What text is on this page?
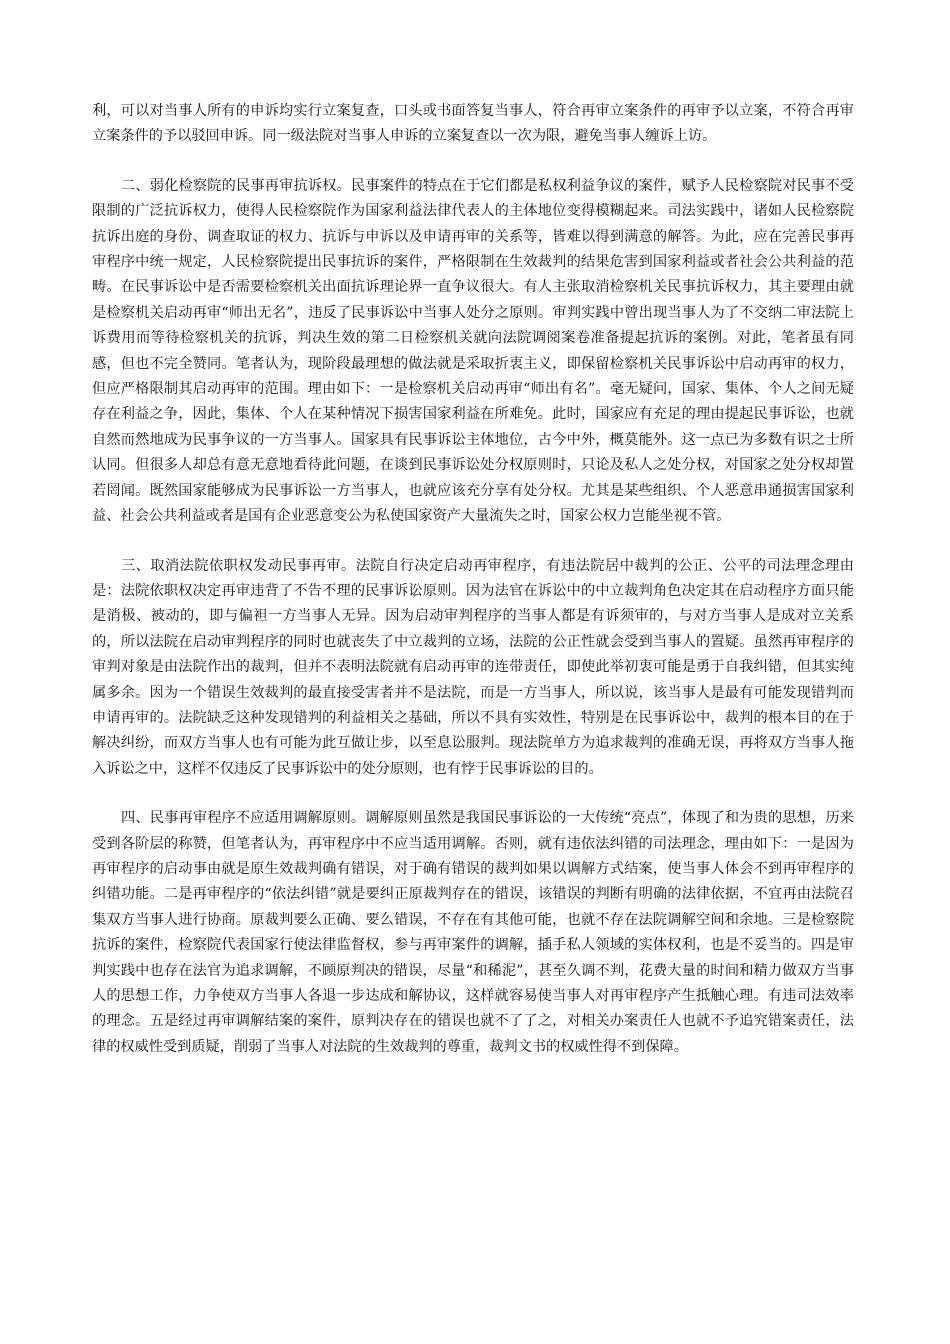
利，可以对当事人所有的申诉均实行立案复查，口头或书面答复当事人，符合再审立案条件的再审予以立案，不符合再审立案条件的予以驳回申诉。同一级法院对当事人申诉的立案复查以一次为限，避免当事人缠诉上访。

二、弱化检察院的民事再审抗诉权。民事案件的特点在于它们都是私权利益争议的案件，赋予人民检察院对民事不受限制的广泛抗诉权力，使得人民检察院作为国家利益法律代表人的主体地位变得模糊起来。司法实践中，诸如人民检察院抗诉出庭的身份、调查取证的权力、抗诉与申诉以及申请再审的关系等，皆难以得到满意的解答。为此，应在完善民事再审程序中统一规定，人民检察院提出民事抗诉的案件，严格限制在生效裁判的结果危害到国家利益或者社会公共利益的范畴。在民事诉讼中是否需要检察机关出面抗诉理论界一直争议很大。有人主张取消检察机关民事抗诉权力，其主要理由就是检察机关启动再审“师出无名”，违反了民事诉讼中当事人处分之原则。审判实践中曾出现当事人为了不交纳二审法院上诉费用而等待检察机关的抗诉，判决生效的第二日检察机关就向法院调阅案卷准备提起抗诉的案例。对此，笔者虽有同感，但也不完全赞同。笔者认为，现阶段最理想的做法就是采取折衷主义，即保留检察机关民事诉讼中启动再审的权力，但应严格限制其启动再审的范围。理由如下：一是检察机关启动再审“师出有名”。毫无疑问，国家、集体、个人之间无疑存在利益之争，因此，集体、个人在某种情况下损害国家利益在所难免。此时，国家应有充足的理由提起民事诉讼，也就自然而然地成为民事争议的一方当事人。国家具有民事诉讼主体地位，古今中外，概莫能外。这一点已为多数有识之士所认同。但很多人却总有意无意地看待此问题，在谈到民事诉讼处分权原则时，只论及私人之处分权，对国家之处分权却置若罔闻。既然国家能够成为民事诉讼一方当事人，也就应该充分享有处分权。尤其是某些组织、个人恶意串通损害国家利益、社会公共利益或者是国有企业恶意变公为私使国家资产大量流失之时，国家公权力岂能坐视不管。

三、取消法院依职权发动民事再审。法院自行决定启动再审程序，有违法院居中裁判的公正、公平的司法理念理由是：法院依职权决定再审违背了不告不理的民事诉讼原则。因为法官在诉讼中的中立裁判角色决定其在启动程序方面只能是消极、被动的，即与偏袒一方当事人无异。因为启动审判程序的当事人都是有诉须审的，与对方当事人是成对立关系的，所以法院在启动审判程序的同时也就丧失了中立裁判的立场，法院的公正性就会受到当事人的置疑。虽然再审程序的审判对象是由法院作出的裁判，但并不表明法院就有启动再审的连带责任，即使此举初衷可能是勇于自我纠错，但其实纯属多余。因为一个错误生效裁判的最直接受害者并不是法院，而是一方当事人，所以说，该当事人是最有可能发现错判而申请再审的。法院缺乏这种发现错判的利益相关之基础，所以不具有实效性，特别是在民事诉讼中，裁判的根本目的在于解决纠纷，而双方当事人也有可能为此互做让步，以至息讼服判。现法院单方为追求裁判的准确无误，再将双方当事人拖入诉讼之中，这样不仅违反了民事诉讼中的处分原则，也有悖于民事诉讼的目的。

四、民事再审程序不应适用调解原则。调解原则虽然是我国民事诉讼的一大传统“亮点”，体现了和为贵的思想，历来受到各阶层的称赞，但笔者认为，再审程序中不应当适用调解。否则，就有违依法纠错的司法理念，理由如下：一是因为再审程序的启动事由就是原生效裁判确有错误，对于确有错误的裁判如果以调解方式结案，使当事人体会不到再审程序的纠错功能。二是再审程序的“依法纠错”就是要纠正原裁判存在的错误，该错误的判断有明确的法律依据，不宜再由法院召集双方当事人进行协商。原裁判要么正确、要么错误，不存在有其他可能，也就不存在法院调解空间和余地。三是检察院抗诉的案件，检察院代表国家行使法律监督权，参与再审案件的调解，插手私人领域的实体权利，也是不妥当的。四是审判实践中也存在法官为追求调解，不顾原判决的错误，尽量“和稀泥”，甚至久调不判，花费大量的时间和精力做双方当事人的思想工作，力争使双方当事人各退一步达成和解协议，这样就容易使当事人对再审程序产生抵触心理。有违司法效率的理念。五是经过再审调解结案的案件，原判决存在的错误也就不了了之，对相关办案责任人也就不予追究错案责任，法律的权威性受到质疑，削弱了当事人对法院的生效裁判的尊重，裁判文书的权威性得不到保障。
